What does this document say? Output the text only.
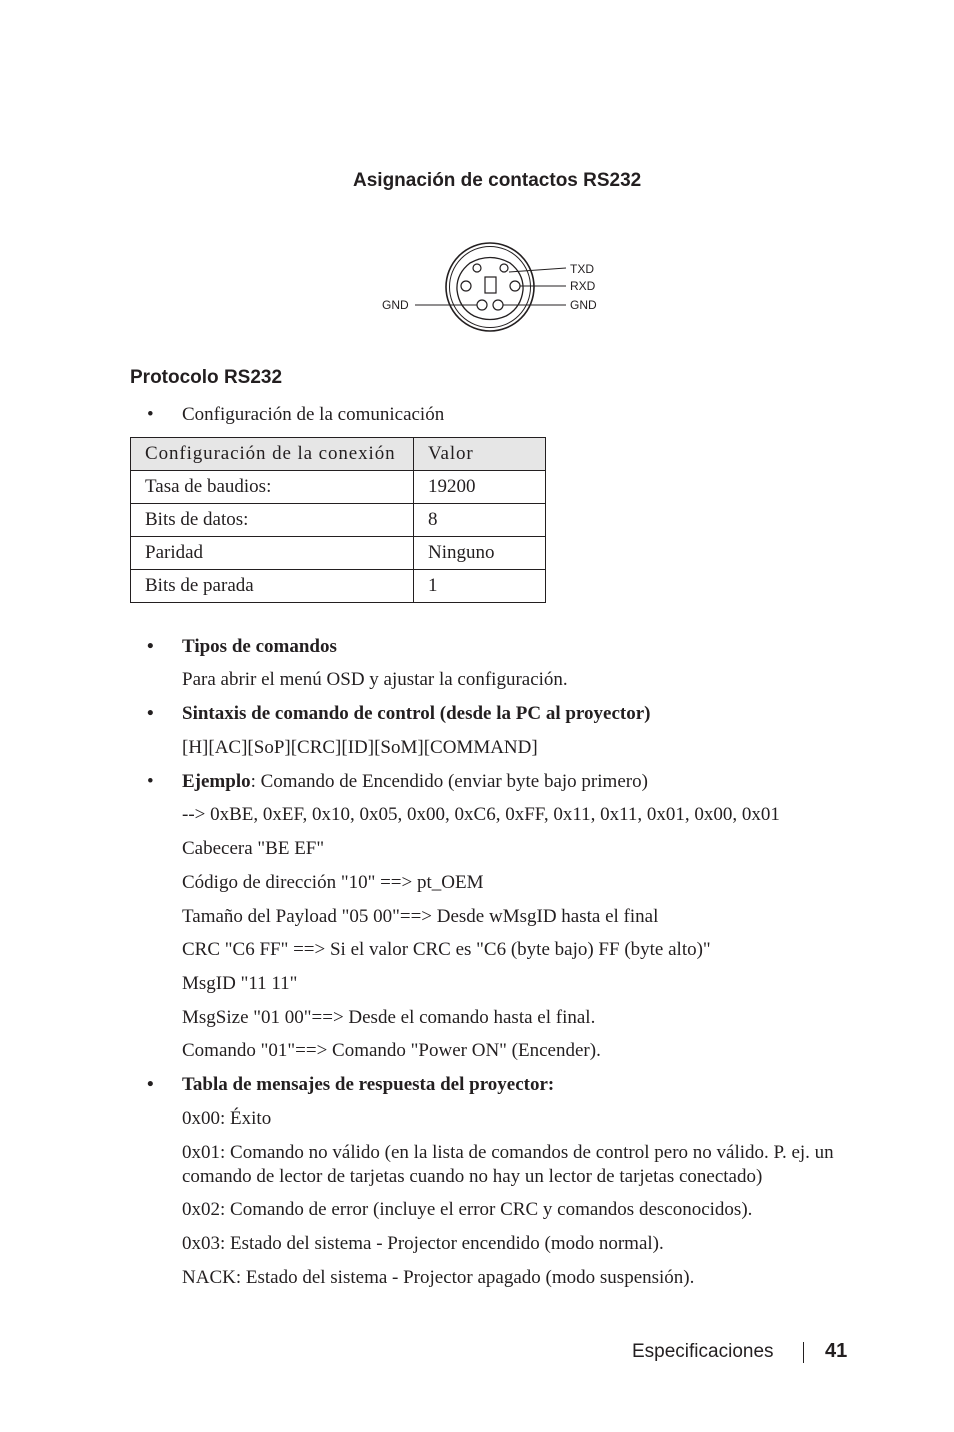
Asignación de contactos RS232
TXD
RXD
GND
GND
Protocolo RS232
• Configuración de la comunicación
Configuración de la conexión	Valor
Tasa de baudios:	19200
Bits de datos:	8
Paridad	Ninguno
Bits de parada	1
• Tipos de comandos
Para abrir el menú OSD y ajustar la configuración.
• Sintaxis de comando de control (desde la PC al proyector)
[H][AC][SoP][CRC][ID][SoM][COMMAND]
• Ejemplo: Comando de Encendido (enviar byte bajo primero)
--> 0xBE, 0xEF, 0x10, 0x05, 0x00, 0xC6, 0xFF, 0x11, 0x11, 0x01, 0x00, 0x01
Cabecera "BE EF"
Código de dirección "10" ==> pt_OEM
Tamaño del Payload "05 00"==> Desde wMsgID hasta el final
CRC "C6 FF" ==> Si el valor CRC es "C6 (byte bajo) FF (byte alto)"
MsgID "11 11"
MsgSize "01 00"==> Desde el comando hasta el final.
Comando "01"==> Comando "Power ON" (Encender).
• Tabla de mensajes de respuesta del proyector:
0x00: Éxito
0x01: Comando no válido (en la lista de comandos de control pero no válido. P. ej. un comando de lector de tarjetas cuando no hay un lector de tarjetas conectado)
0x02: Comando de error (incluye el error CRC y comandos desconocidos).
0x03: Estado del sistema - Projector encendido (modo normal).
NACK: Estado del sistema - Projector apagado (modo suspensión).
Especificaciones	41
